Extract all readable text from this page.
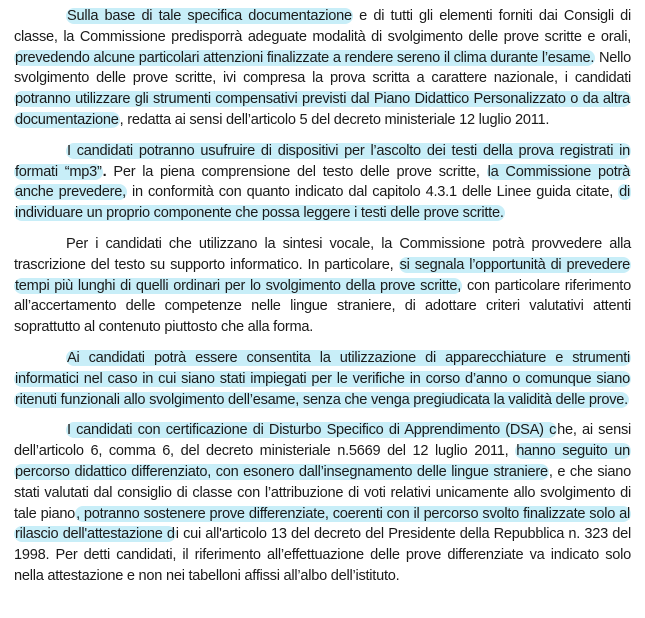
Sulla base di tale specifica documentazione e di tutti gli elementi forniti dai Consigli di classe, la Commissione predisporrà adeguate modalità di svolgimento delle prove scritte e orali, prevedendo alcune particolari attenzioni finalizzate a rendere sereno il clima durante l’esame. Nello svolgimento delle prove scritte, ivi compresa la prova scritta a carattere nazionale, i candidati potranno utilizzare gli strumenti compensativi previsti dal Piano Didattico Personalizzato o da altra documentazione, redatta ai sensi dell’articolo 5 del decreto ministeriale 12 luglio 2011.

I candidati potranno usufruire di dispositivi per l’ascolto dei testi della prova registrati in formati “mp3”. Per la piena comprensione del testo delle prove scritte, la Commissione potrà anche prevedere, in conformità con quanto indicato dal capitolo 4.3.1 delle Linee guida citate, di individuare un proprio componente che possa leggere i testi delle prove scritte.

Per i candidati che utilizzano la sintesi vocale, la Commissione potrà provvedere alla trascrizione del testo su supporto informatico. In particolare, si segnala l’opportunità di prevedere tempi più lunghi di quelli ordinari per lo svolgimento della prove scritte, con particolare riferimento all’accertamento delle competenze nelle lingue straniere, di adottare criteri valutativi attenti soprattutto al contenuto piuttosto che alla forma.

Ai candidati potrà essere consentita la utilizzazione di apparecchiature e strumenti informatici nel caso in cui siano stati impiegati per le verifiche in corso d’anno o comunque siano ritenuti funzionali allo svolgimento dell’esame, senza che venga pregiudicata la validità delle prove.

I candidati con certificazione di Disturbo Specifico di Apprendimento (DSA) che, ai sensi dell’articolo 6, comma 6, del decreto ministeriale n.5669 del 12 luglio 2011, hanno seguito un percorso didattico differenziato, con esonero dall’insegnamento delle lingue straniere, e che siano stati valutati dal consiglio di classe con l’attribuzione di voti relativi unicamente allo svolgimento di tale piano, potranno sostenere prove differenziate, coerenti con il percorso svolto finalizzate solo al rilascio dell'attestazione di cui all'articolo 13 del decreto del Presidente della Repubblica n. 323 del 1998. Per detti candidati, il riferimento all’effettuazione delle prove differenziate va indicato solo nella attestazione e non nei tabelloni affissi all’albo dell’istituto.
